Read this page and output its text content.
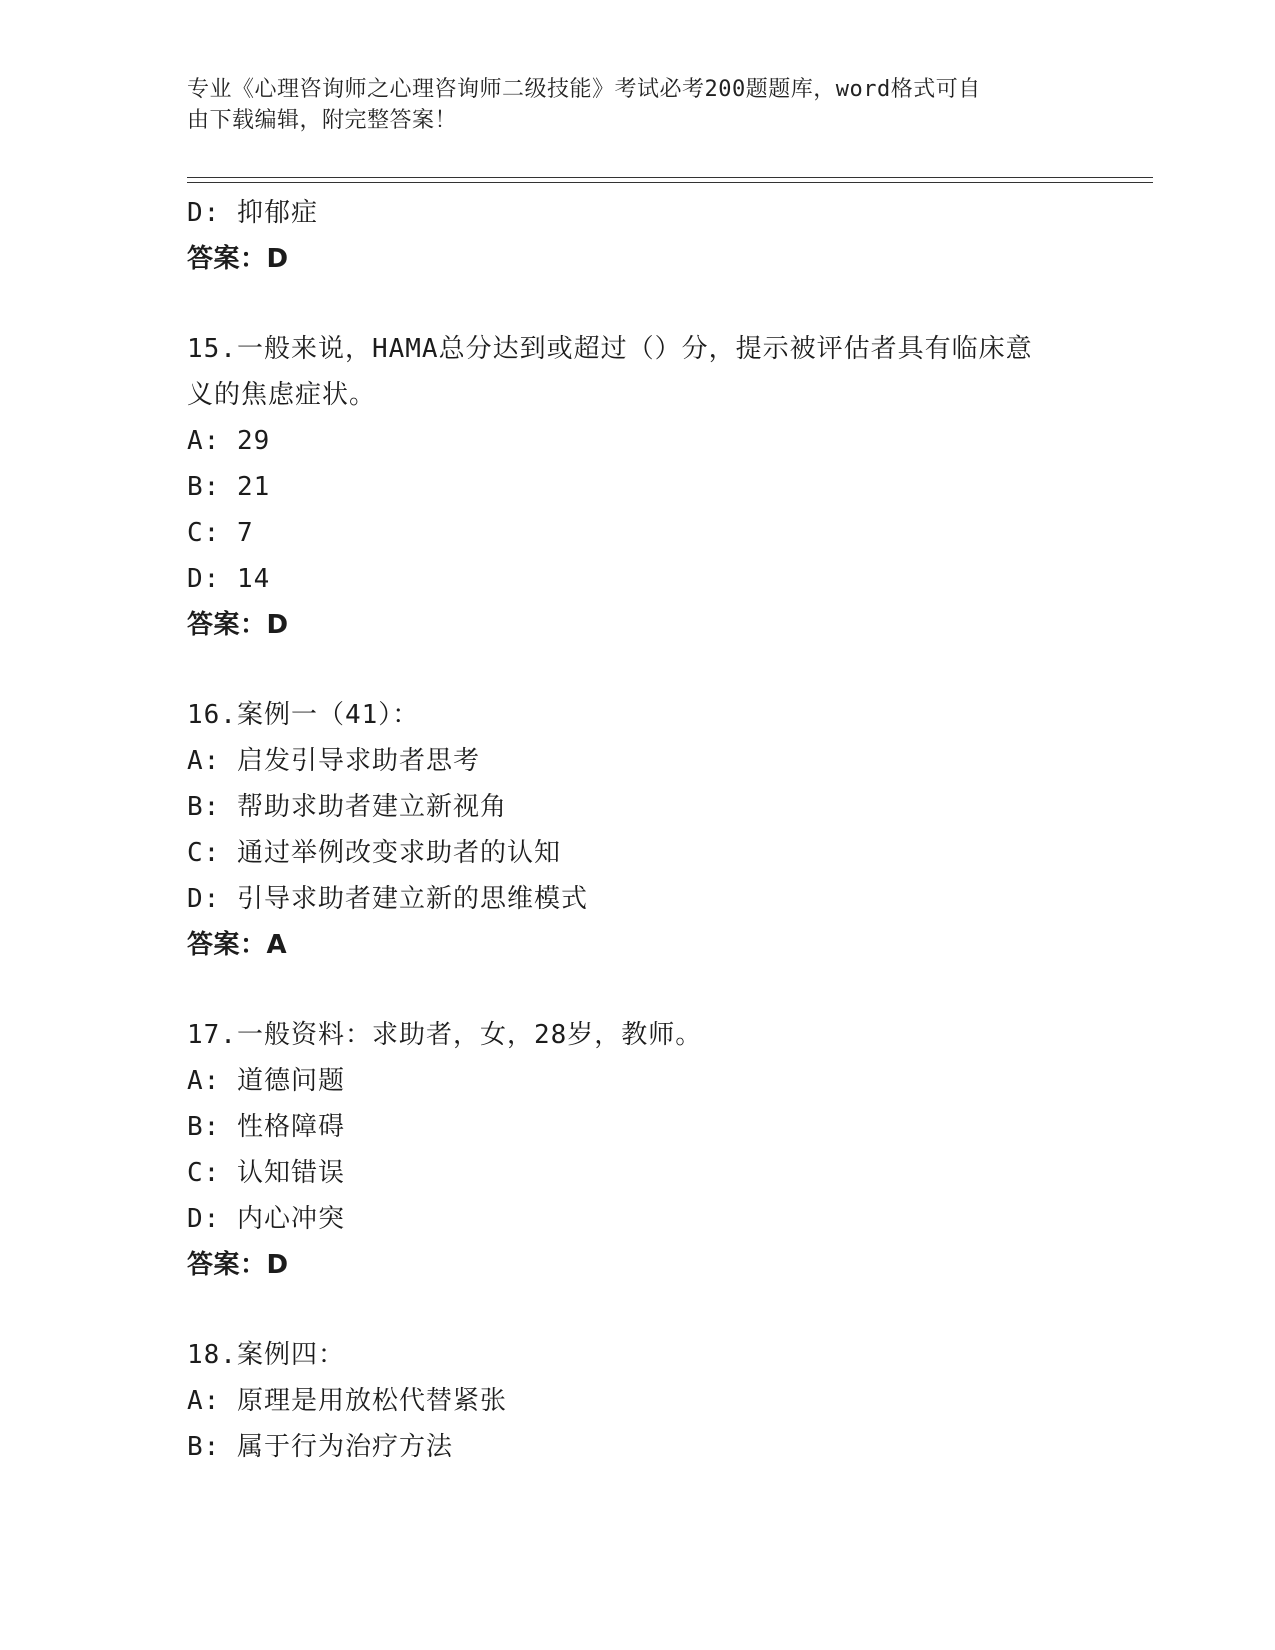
专业《心理咨询师之心理咨询师二级技能》考试必考200题题库，word格式可自
由下载编辑，附完整答案！
D: 抑郁症
答案：D
15.一般来说，HAMA总分达到或超过（）分，提示被评估者具有临床意
义的焦虑症状。
A: 29
B: 21
C: 7
D: 14
答案：D
16.案例一（41）：
A: 启发引导求助者思考
B: 帮助求助者建立新视角
C: 通过举例改变求助者的认知
D: 引导求助者建立新的思维模式
答案：A
17.一般资料：求助者，女，28岁，教师。
A: 道德问题
B: 性格障碍
C: 认知错误
D: 内心冲突
答案：D
18.案例四：
A: 原理是用放松代替紧张
B: 属于行为治疗方法
